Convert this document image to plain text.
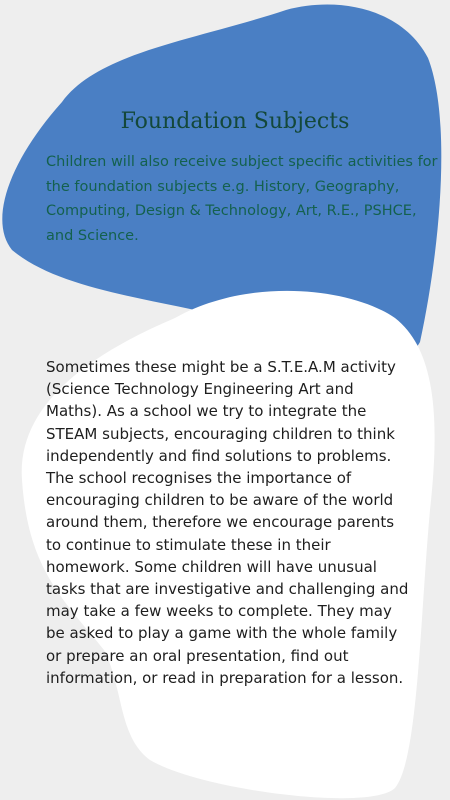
Foundation Subjects

Children will also receive subject specific activities for the foundation subjects e.g. History, Geography, Computing, Design & Technology, Art, R.E., PSHCE, and Science.

Sometimes these might be a S.T.E.A.M activity (Science Technology Engineering Art and Maths). As a school we try to integrate the STEAM subjects, encouraging children to think independently and find solutions to problems. The school recognises the importance of encouraging children to be aware of the world around them, therefore we encourage parents to continue to stimulate these in their homework. Some children will have unusual tasks that are investigative and challenging and may take a few weeks to complete. They may be asked to play a game with the whole family or prepare an oral presentation, find out information, or read in preparation for a lesson.
